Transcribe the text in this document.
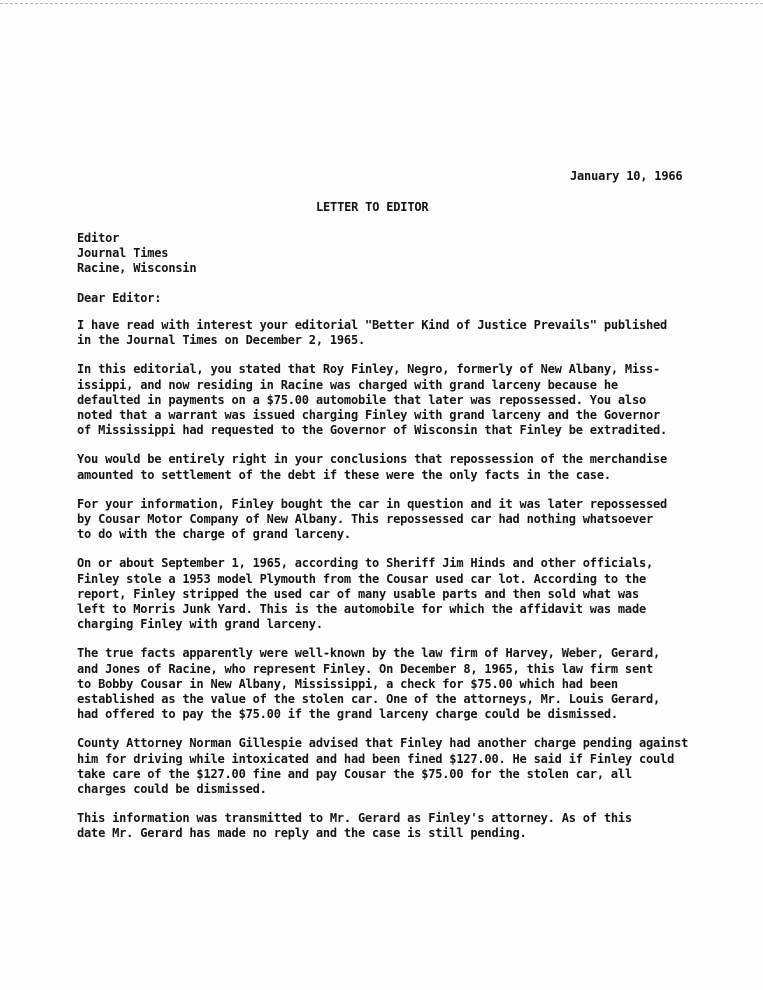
January 10, 1966
LETTER TO EDITOR
Editor
Journal Times
Racine, Wisconsin
Dear Editor:
I have read with interest your editorial "Better Kind of Justice Prevails" published
in the Journal Times on December 2, 1965.
In this editorial, you stated that Roy Finley, Negro, formerly of New Albany, Miss-
issippi, and now residing in Racine was charged with grand larceny because he
defaulted in payments on a $75.00 automobile that later was repossessed. You also
noted that a warrant was issued charging Finley with grand larceny and the Governor
of Mississippi had requested to the Governor of Wisconsin that Finley be extradited.
You would be entirely right in your conclusions that repossession of the merchandise
amounted to settlement of the debt if these were the only facts in the case.
For your information, Finley bought the car in question and it was later repossessed
by Cousar Motor Company of New Albany. This repossessed car had nothing whatsoever
to do with the charge of grand larceny.
On or about September 1, 1965, according to Sheriff Jim Hinds and other officials,
Finley stole a 1953 model Plymouth from the Cousar used car lot. According to the
report, Finley stripped the used car of many usable parts and then sold what was
left to Morris Junk Yard. This is the automobile for which the affidavit was made
charging Finley with grand larceny.
The true facts apparently were well-known by the law firm of Harvey, Weber, Gerard,
and Jones of Racine, who represent Finley. On December 8, 1965, this law firm sent
to Bobby Cousar in New Albany, Mississippi, a check for $75.00 which had been
established as the value of the stolen car. One of the attorneys, Mr. Louis Gerard,
had offered to pay the $75.00 if the grand larceny charge could be dismissed.
County Attorney Norman Gillespie advised that Finley had another charge pending against
him for driving while intoxicated and had been fined $127.00. He said if Finley could
take care of the $127.00 fine and pay Cousar the $75.00 for the stolen car, all
charges could be dismissed.
This information was transmitted to Mr. Gerard as Finley's attorney. As of this
date Mr. Gerard has made no reply and the case is still pending.
